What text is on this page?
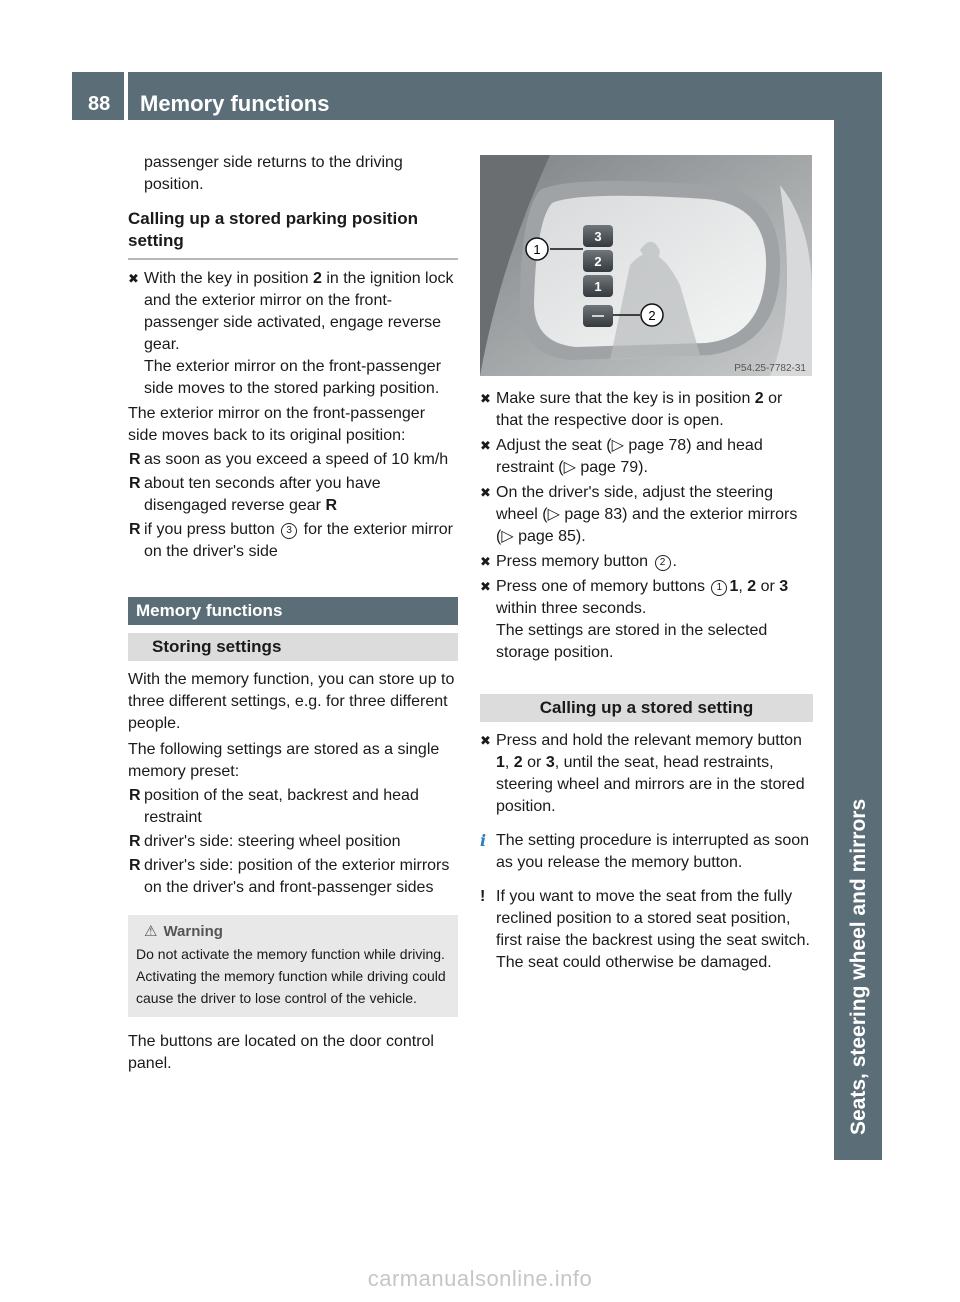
88	Memory functions
Seats, steering wheel and mirrors

passenger side returns to the driving position.

Calling up a stored parking position setting
✖ With the key in position 2 in the ignition lock and the exterior mirror on the front-passenger side activated, engage reverse gear.
The exterior mirror on the front-passenger side moves to the stored parking position.

The exterior mirror on the front-passenger side moves back to its original position:

R as soon as you exceed a speed of 10 km/h
R about ten seconds after you have disengaged reverse gear R
R if you press button 3 for the exterior mirror on the driver's side
Memory functions
Storing settings

With the memory function, you can store up to three different settings, e.g. for three different people.

The following settings are stored as a single memory preset:

R position of the seat, backrest and head restraint
R driver's side: steering wheel position
R driver's side: position of the exterior mirrors on the driver's and front-passenger sides
⚠ Warning
Do not activate the memory function while driving. Activating the memory function while driving could cause the driver to lose control of the vehicle.

The buttons are located on the door control panel.

3
2
1
1
2
P54.25-7782-31
✖ Make sure that the key is in position 2 or that the respective door is open.
✖ Adjust the seat (▷ page 78) and head restraint (▷ page 79).
✖ On the driver's side, adjust the steering wheel (▷ page 83) and the exterior mirrors (▷ page 85).
✖ Press memory button 2 .
✖ Press one of memory buttons 1 1, 2 or 3 within three seconds.
The settings are stored in the selected storage position.
Calling up a stored setting
✖ Press and hold the relevant memory button 1, 2 or 3, until the seat, head restraints, steering wheel and mirrors are in the stored position.
i The setting procedure is interrupted as soon as you release the memory button.
! If you want to move the seat from the fully reclined position to a stored seat position, first raise the backrest using the seat switch. The seat could otherwise be damaged.
carmanualsonline.info
